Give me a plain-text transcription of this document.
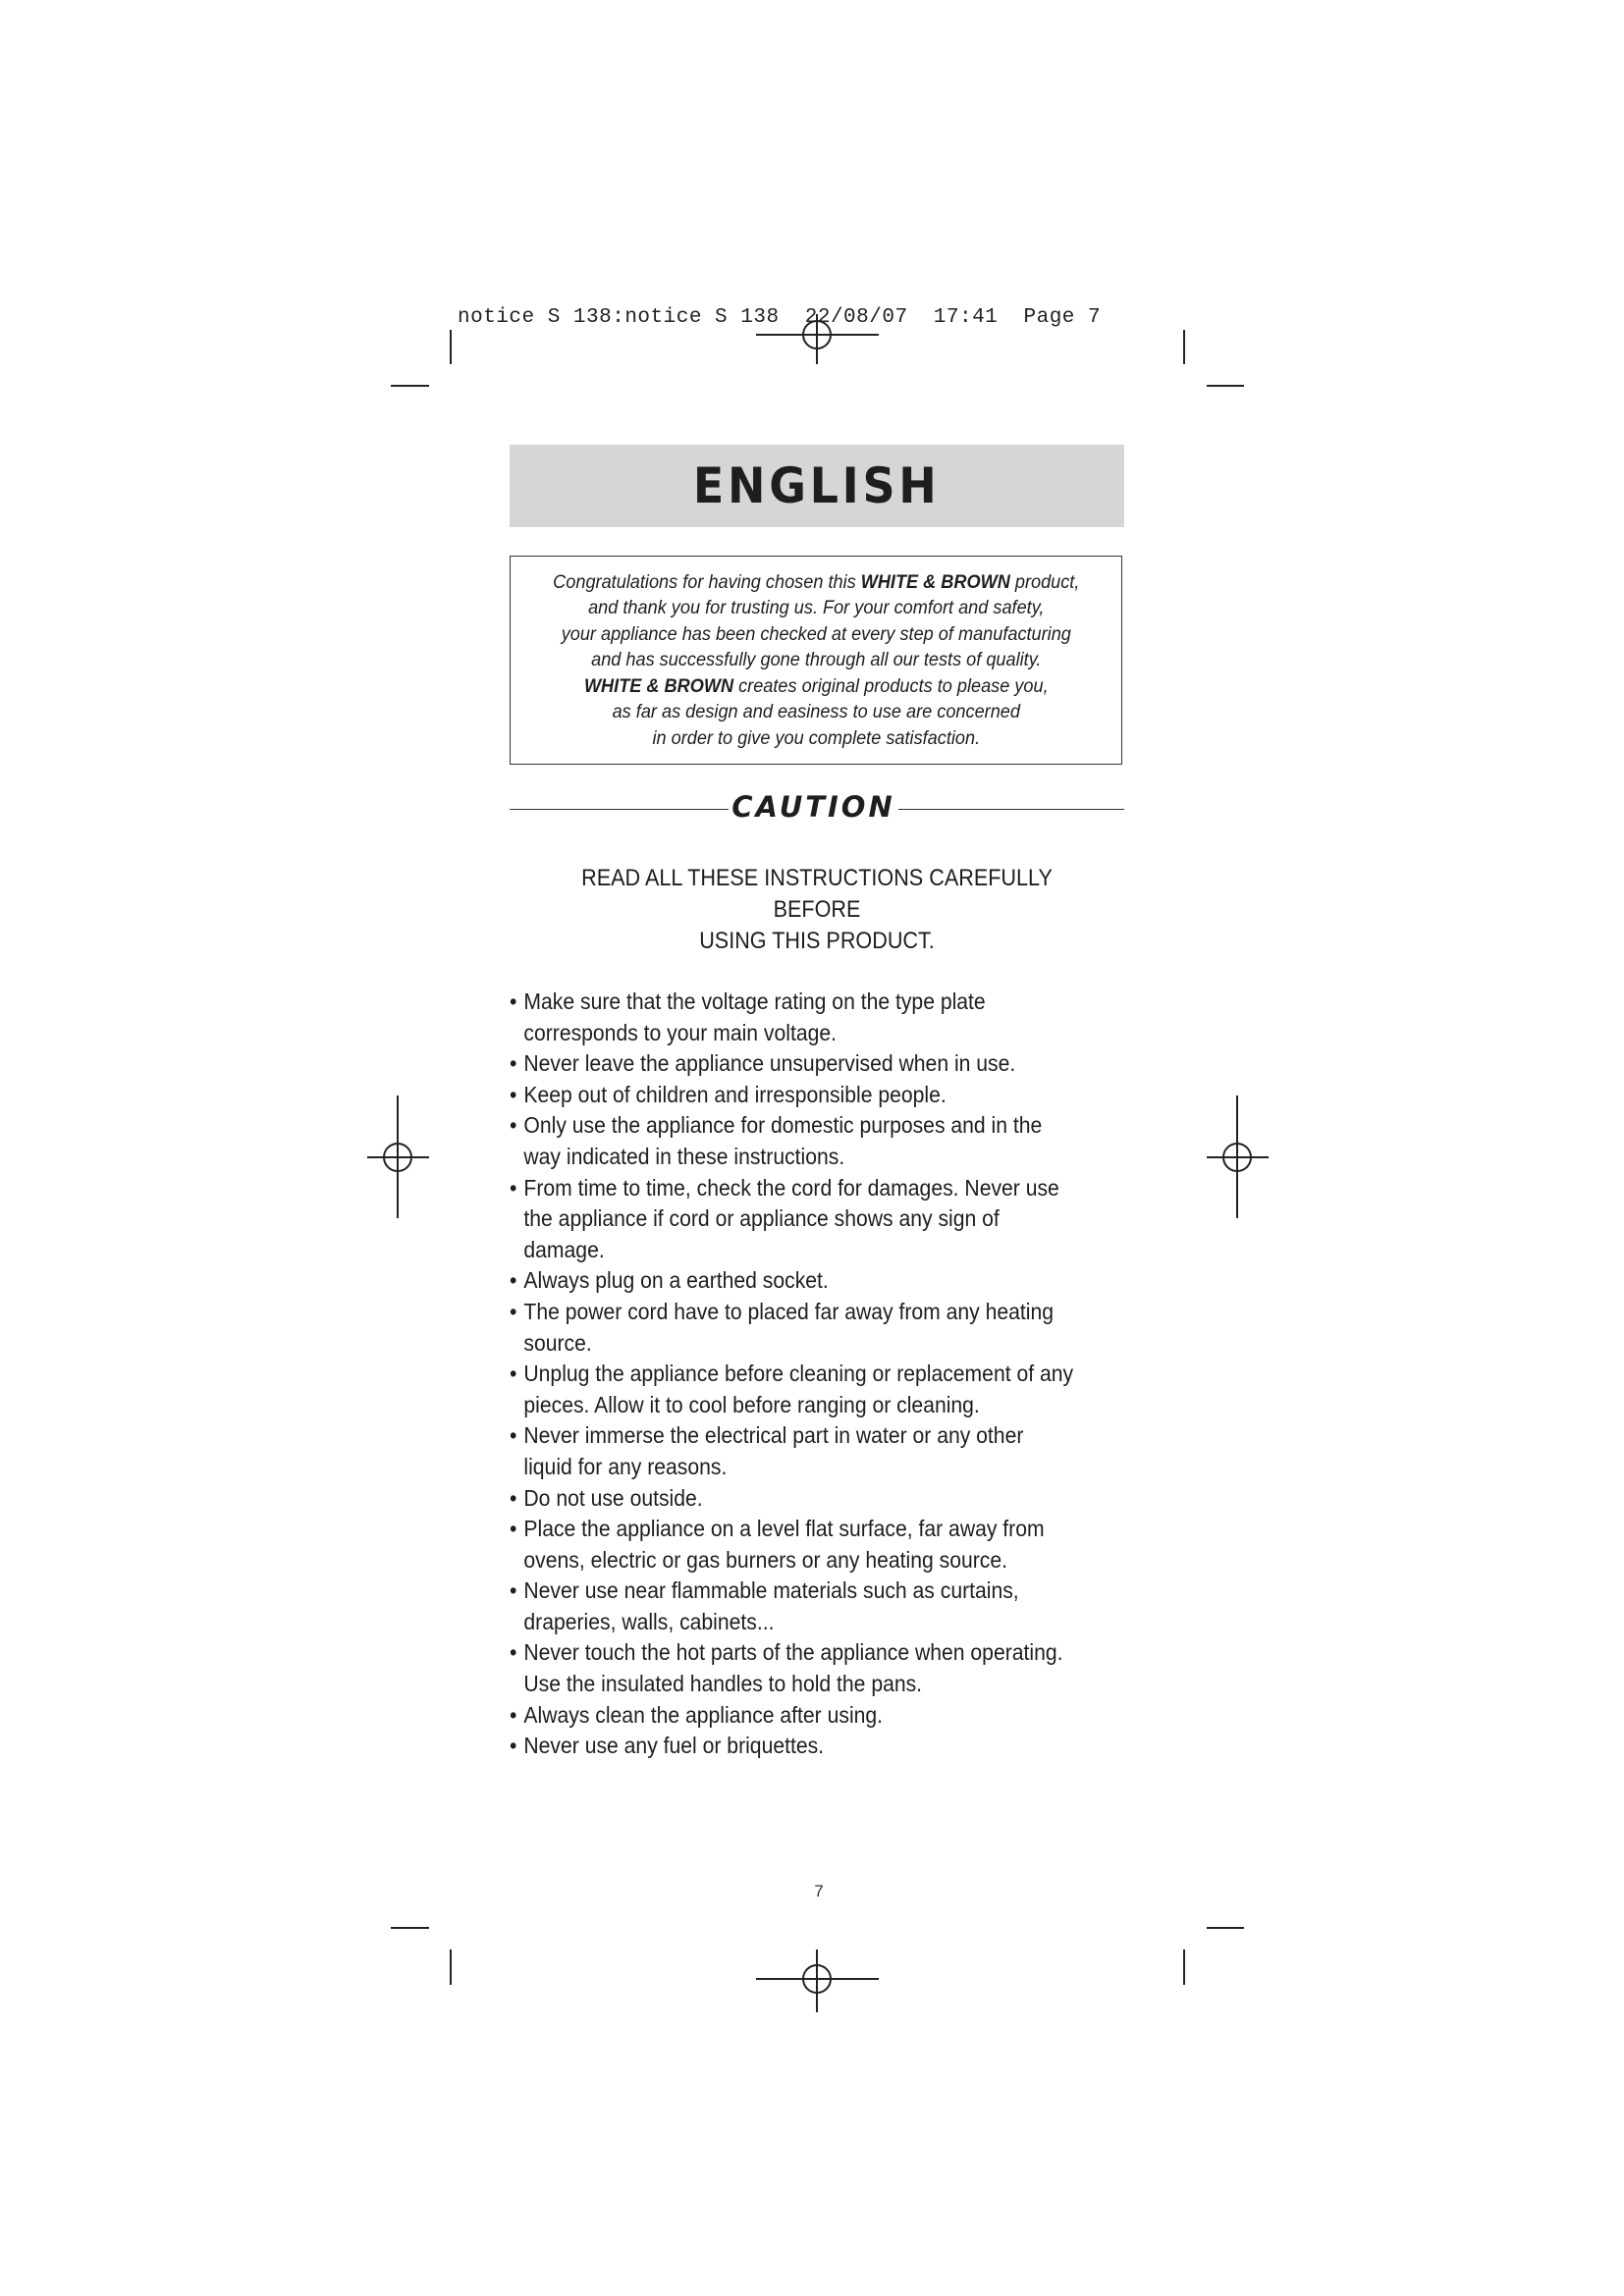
notice S 138:notice S 138  22/08/07  17:41  Page 7
ENGLISH
Congratulations for having chosen this WHITE & BROWN product,
and thank you for trusting us. For your comfort and safety,
your appliance has been checked at every step of manufacturing
and has successfully gone through all our tests of quality.
WHITE & BROWN creates original products to please you,
as far as design and easiness to use are concerned
in order to give you complete satisfaction.
CAUTION
READ ALL THESE INSTRUCTIONS CAREFULLY BEFORE
USING THIS PRODUCT.
• Make sure that the voltage rating on the type plate
corresponds to your main voltage.
• Never leave the appliance unsupervised when in use.
• Keep out of children and irresponsible people.
• Only use the appliance for domestic purposes and in the
way indicated in these instructions.
• From time to time, check the cord for damages. Never use
the appliance if cord or appliance shows any sign of
damage.
• Always plug on a earthed socket.
• The power cord have to placed far away from any heating
source.
• Unplug the appliance before cleaning or replacement of any
pieces. Allow it to cool before ranging or cleaning.
• Never immerse the electrical part in water or any other
liquid for any reasons.
• Do not use outside.
• Place the appliance on a level flat surface, far away from
ovens, electric or gas burners or any heating source.
• Never use near flammable materials such as curtains,
draperies, walls, cabinets...
• Never touch the hot parts of the appliance when operating.
Use the insulated handles to hold the pans.
• Always clean the appliance after using.
• Never use any fuel or briquettes.
7
